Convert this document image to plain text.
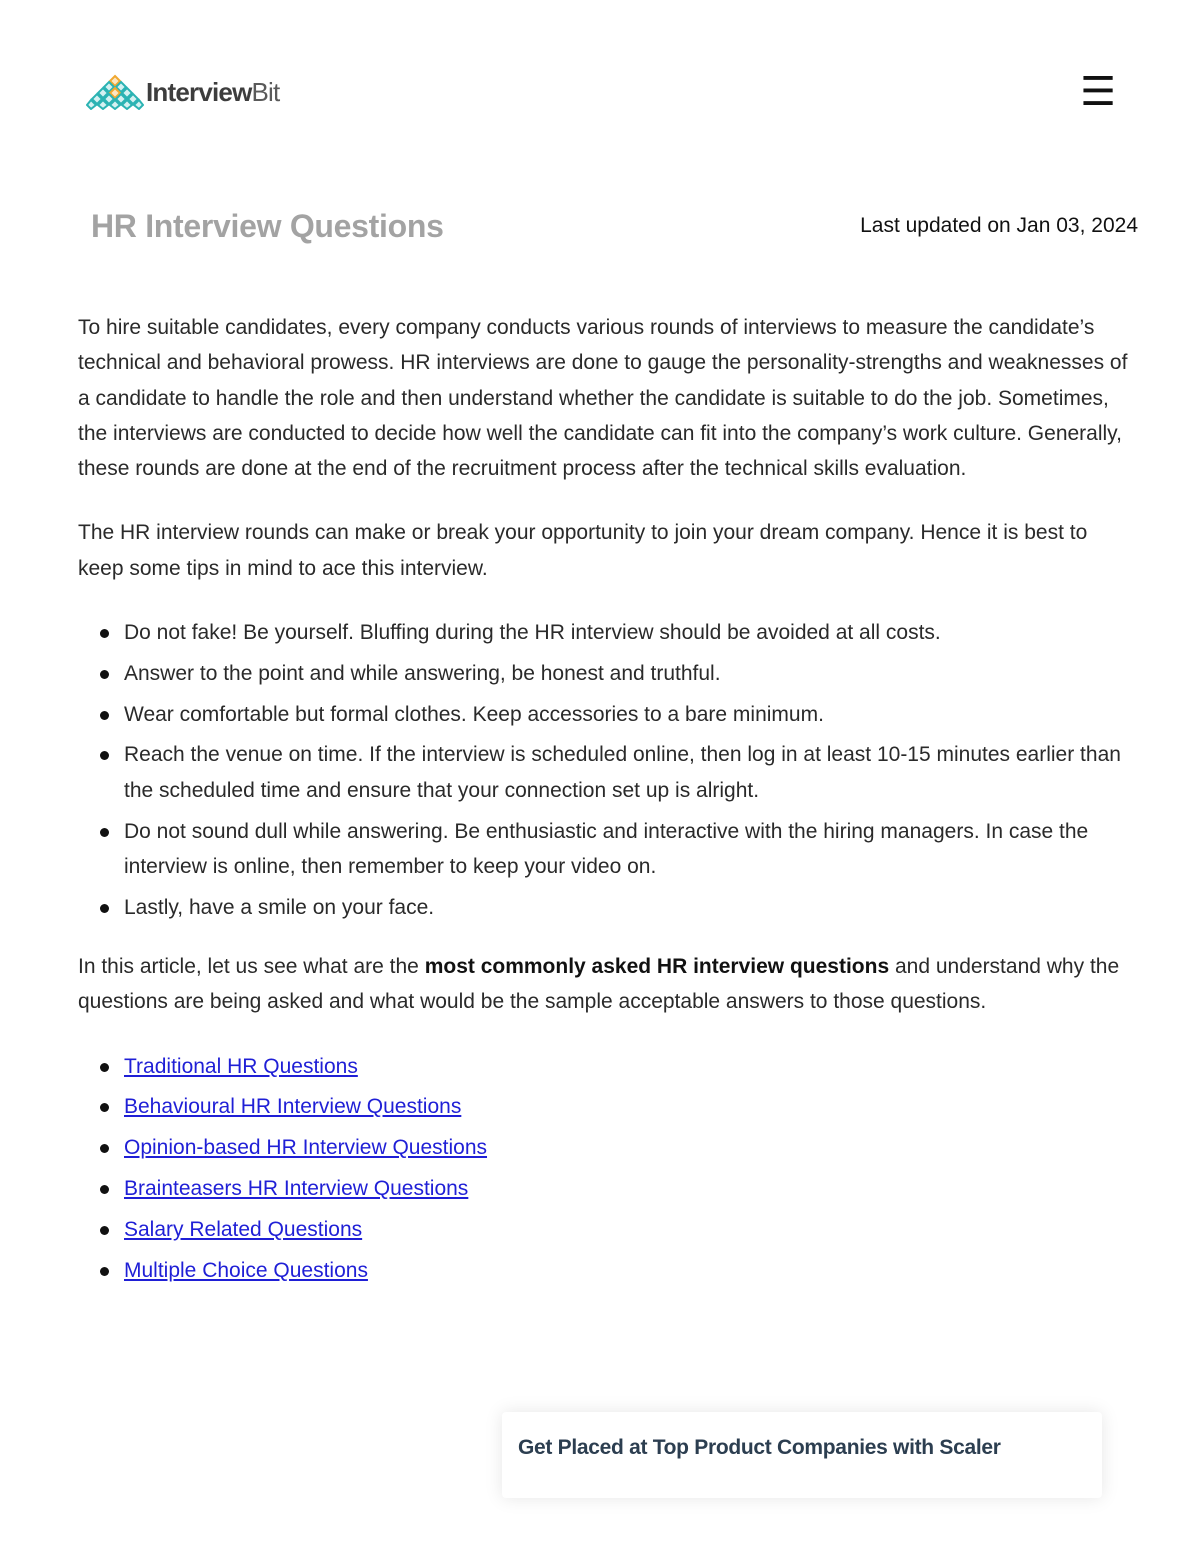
InterviewBit	☰
HR Interview Questions	Last updated on Jan 03, 2024

To hire suitable candidates, every company conducts various rounds of interviews to measure the candidate’s technical and behavioral prowess. HR interviews are done to gauge the personality-strengths and weaknesses of a candidate to handle the role and then understand whether the candidate is suitable to do the job. Sometimes, the interviews are conducted to decide how well the candidate can fit into the company’s work culture. Generally, these rounds are done at the end of the recruitment process after the technical skills evaluation.

The HR interview rounds can make or break your opportunity to join your dream company. Hence it is best to keep some tips in mind to ace this interview.

Do not fake! Be yourself. Bluffing during the HR interview should be avoided at all costs.
Answer to the point and while answering, be honest and truthful.
Wear comfortable but formal clothes. Keep accessories to a bare minimum.
Reach the venue on time. If the interview is scheduled online, then log in at least 10-15 minutes earlier than the scheduled time and ensure that your connection set up is alright.
Do not sound dull while answering. Be enthusiastic and interactive with the hiring managers. In case the interview is online, then remember to keep your video on.
Lastly, have a smile on your face.

In this article, let us see what are the most commonly asked HR interview questions and understand why the questions are being asked and what would be the sample acceptable answers to those questions.

Traditional HR Questions
Behavioural HR Interview Questions
Opinion-based HR Interview Questions
Brainteasers HR Interview Questions
Salary Related Questions
Multiple Choice Questions
Get Placed at Top Product Companies with Scaler
